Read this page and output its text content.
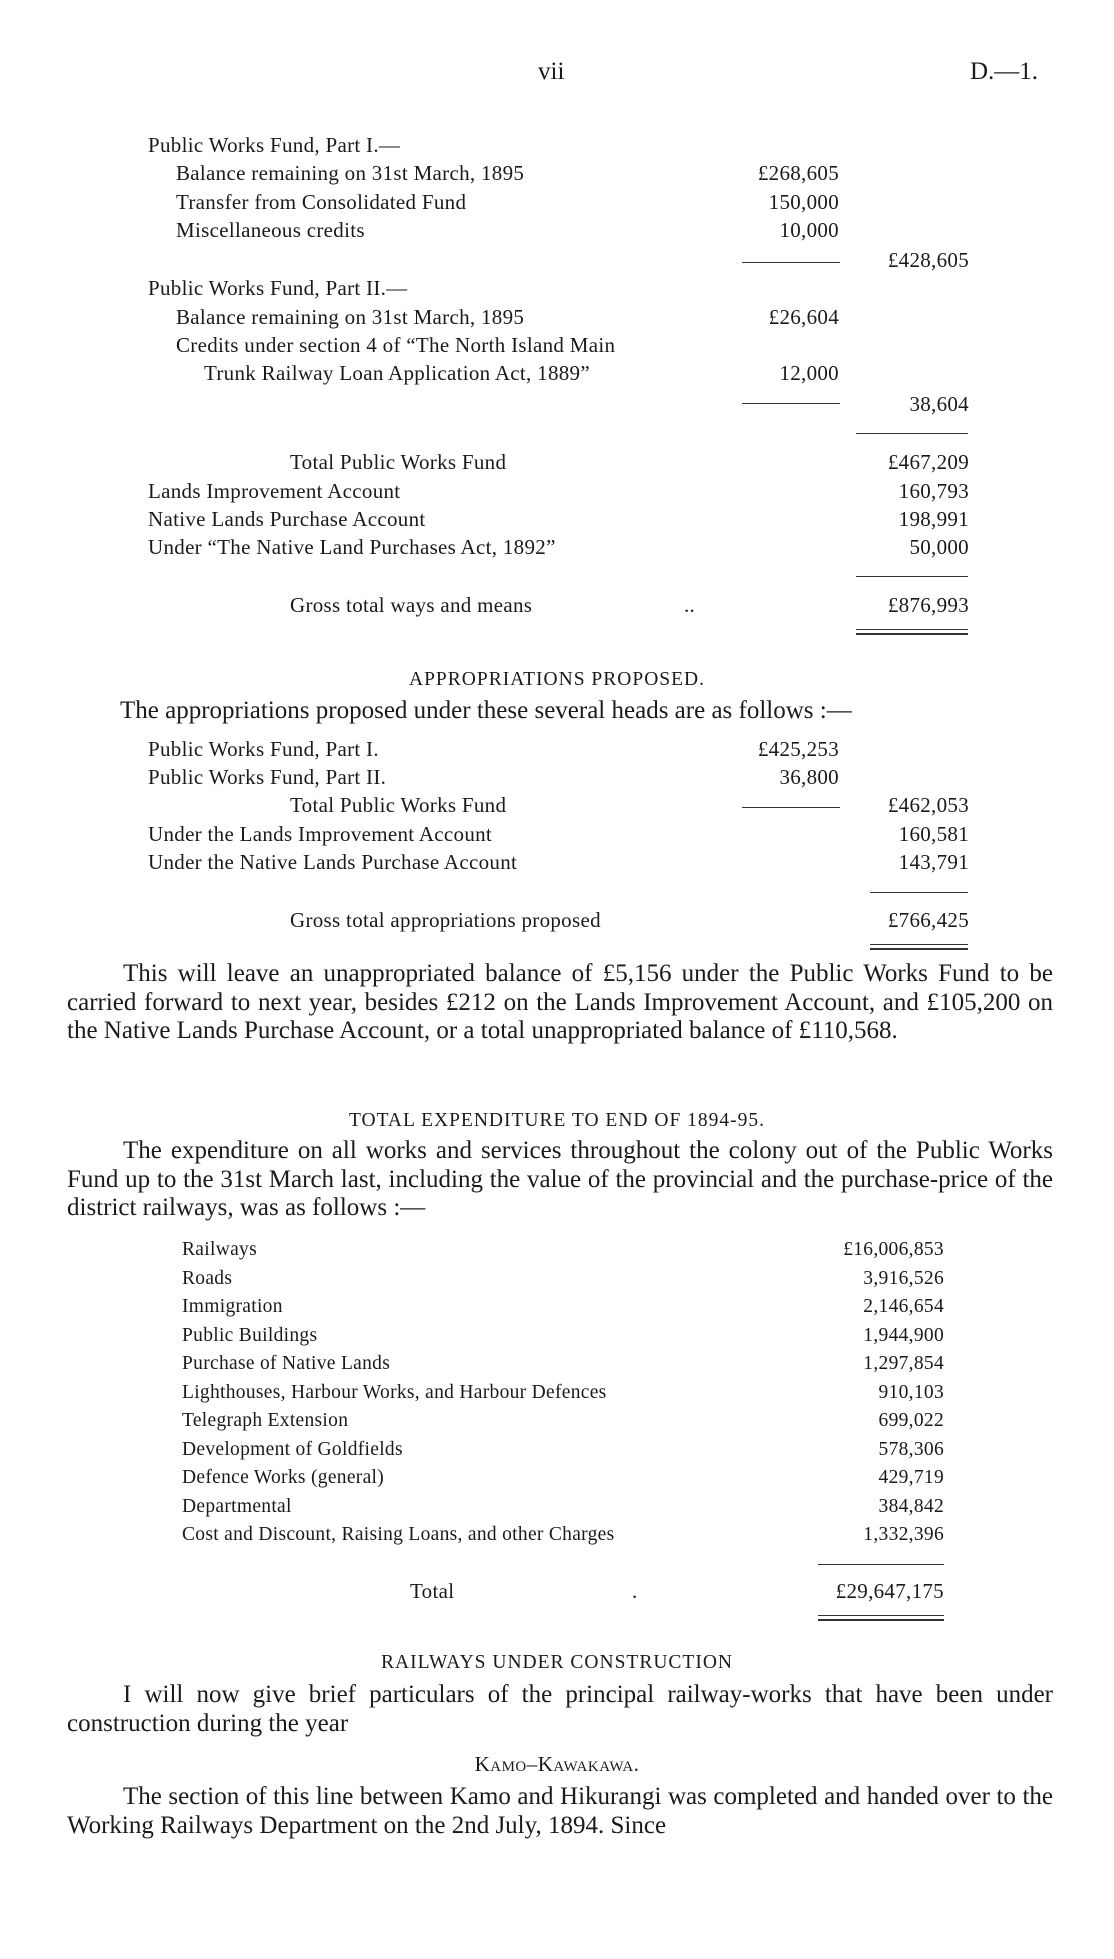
vii	D.—1.
Public Works Fund, Part I.—
Balance remaining on 31st March, 1895	£268,605
Transfer from Consolidated Fund	150,000
Miscellaneous credits	10,000
£428,605
Public Works Fund, Part II.—
Balance remaining on 31st March, 1895	£26,604
Credits under section 4 of “The North Island Main
Trunk Railway Loan Application Act, 1889”	12,000
38,604
Total Public Works Fund	£467,209
Lands Improvement Account	160,793
Native Lands Purchase Account	198,991
Under “The Native Land Purchases Act, 1892”	50,000
Gross total ways and means	..	£876,993
APPROPRIATIONS PROPOSED.
The appropriations proposed under these several heads are as follows :—
Public Works Fund, Part I.	£425,253
Public Works Fund, Part II.	36,800
Total Public Works Fund	£462,053
Under the Lands Improvement Account	160,581
Under the Native Lands Purchase Account	143,791
Gross total appropriations proposed	£766,425

This will leave an unappropriated balance of £5,156 under the Public Works Fund to be carried forward to next year, besides £212 on the Lands Improvement Account, and £105,200 on the Native Lands Purchase Account, or a total unappropriated balance of £110,568.

TOTAL EXPENDITURE TO END OF 1894-95.

The expenditure on all works and services throughout the colony out of the Public Works Fund up to the 31st March last, including the value of the provincial and the purchase-price of the district railways, was as follows :—

Railways	£16,006,853
Roads	3,916,526
Immigration	2,146,654
Public Buildings	1,944,900
Purchase of Native Lands	1,297,854
Lighthouses, Harbour Works, and Harbour Defences	910,103
Telegraph Extension	699,022
Development of Goldfields	578,306
Defence Works (general)	429,719
Departmental	384,842
Cost and Discount, Raising Loans, and other Charges	1,332,396
Total	.	£29,647,175
RAILWAYS UNDER CONSTRUCTION

I will now give brief particulars of the principal railway-works that have been under construction during the year

Kamo–Kawakawa.

The section of this line between Kamo and Hikurangi was completed and handed over to the Working Railways Department on the 2nd July, 1894. Since
